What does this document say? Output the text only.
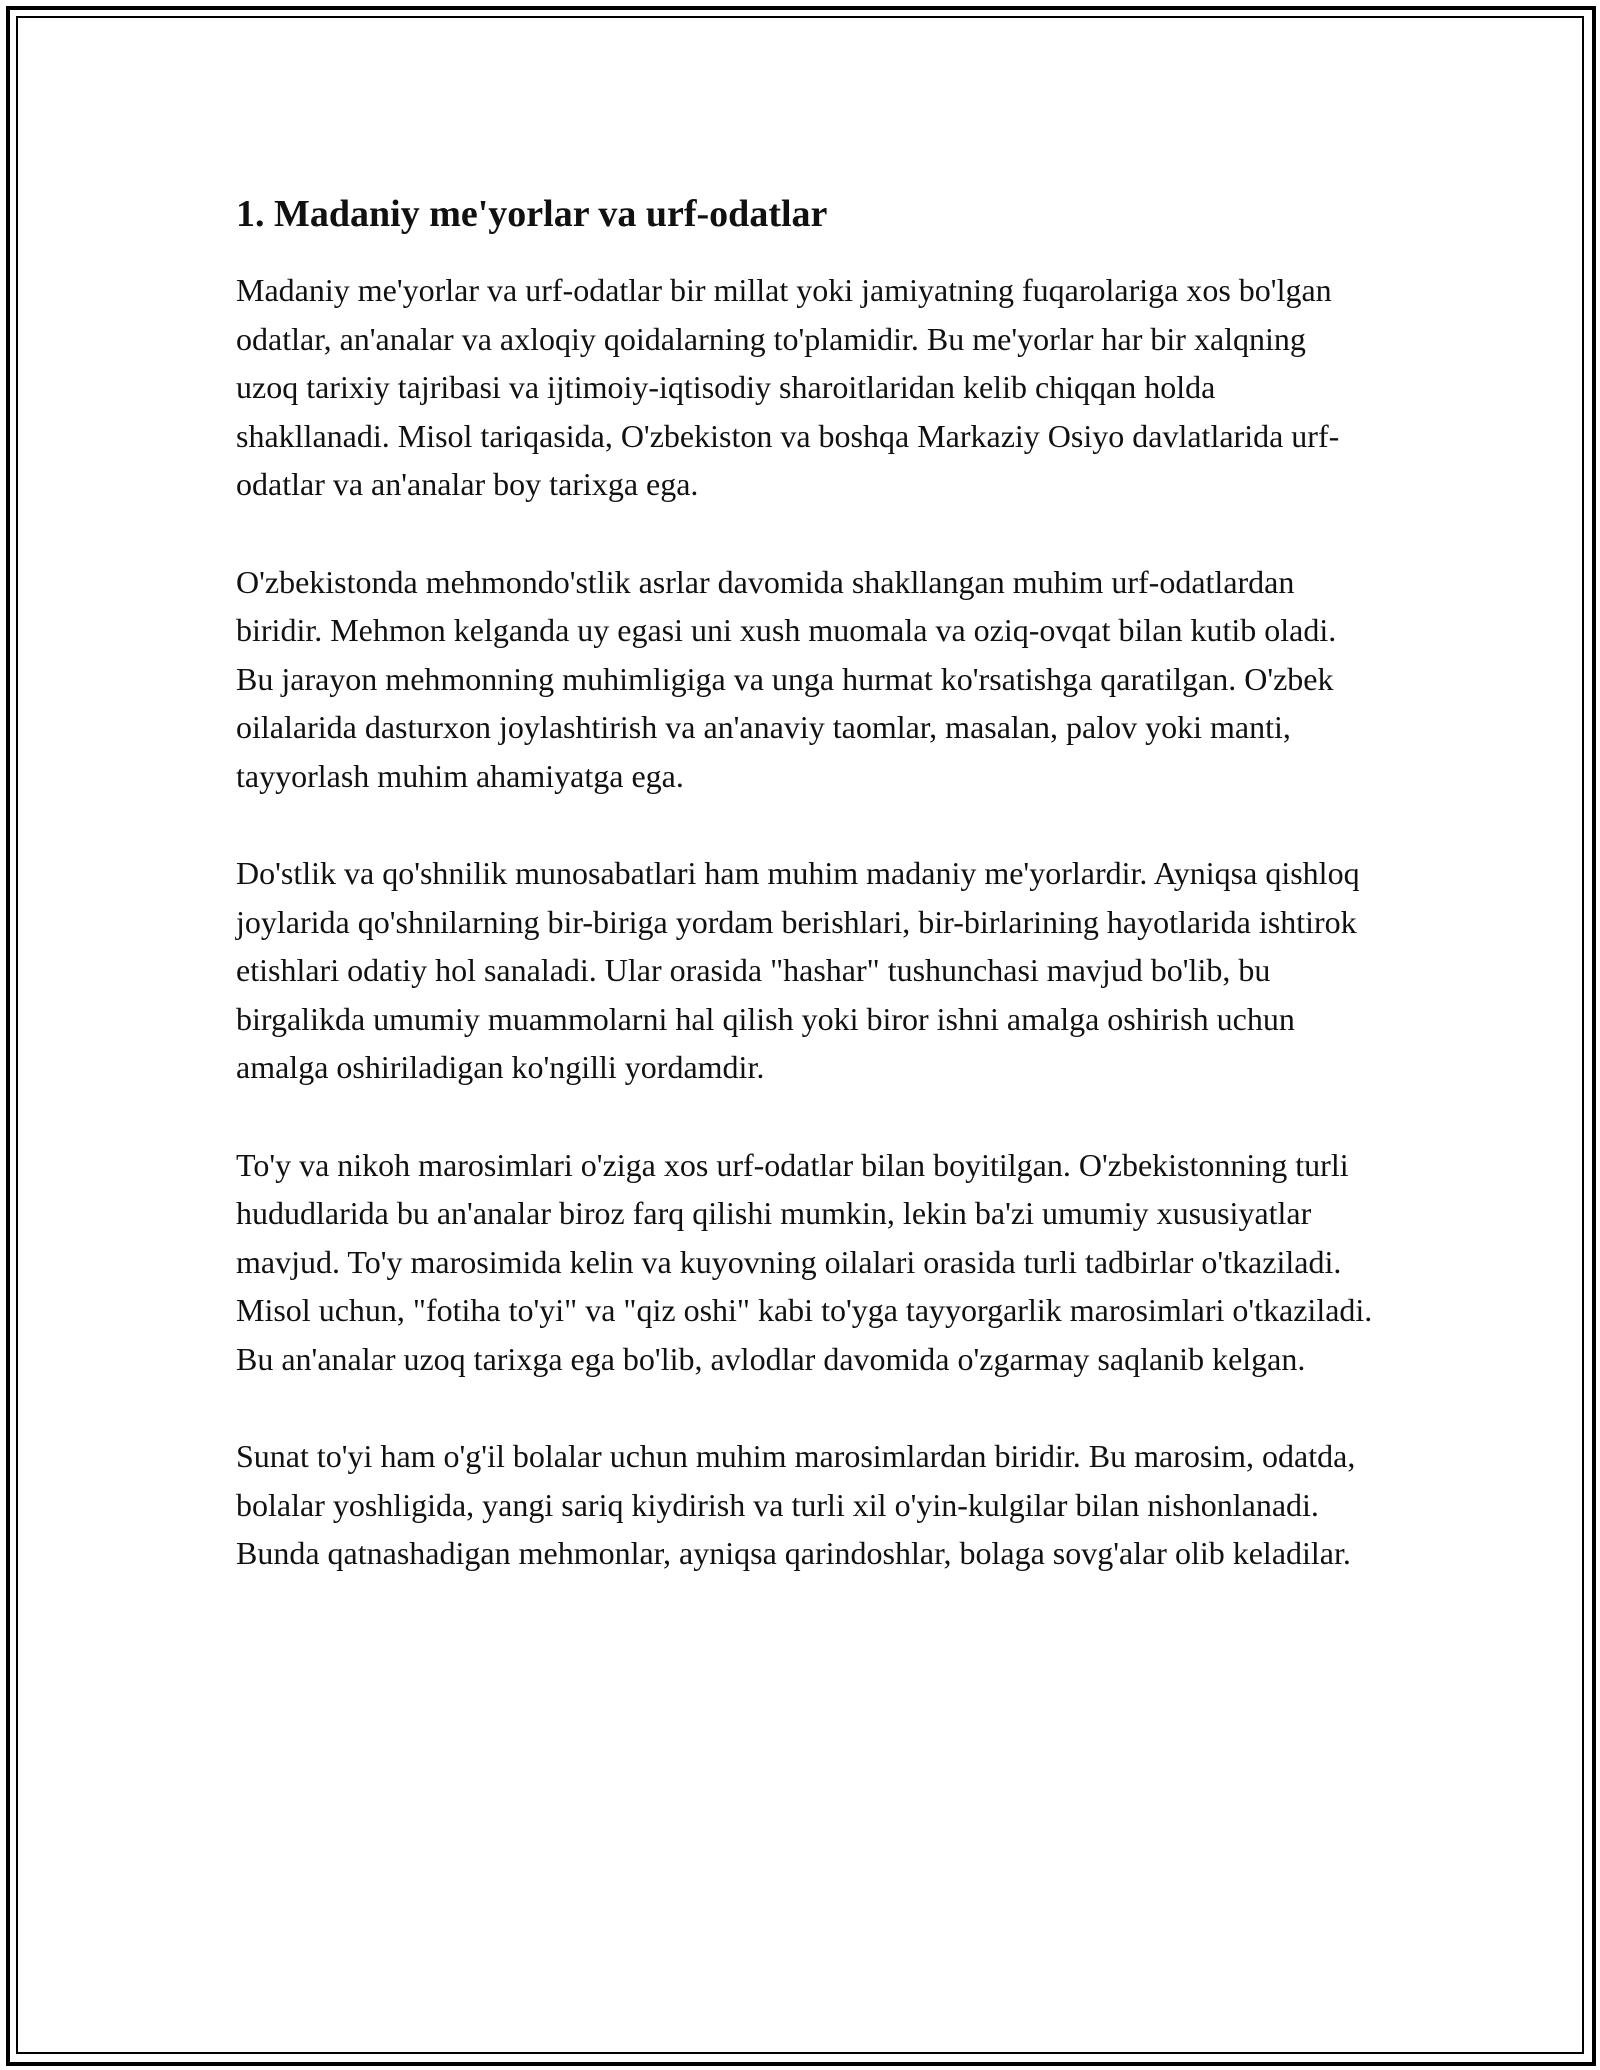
1. Madaniy me'yorlar va urf-odatlar

Madaniy me'yorlar va urf-odatlar bir millat yoki jamiyatning fuqarolariga xos bo'lgan odatlar, an'analar va axloqiy qoidalarning to'plamidir. Bu me'yorlar har bir xalqning uzoq tarixiy tajribasi va ijtimoiy-iqtisodiy sharoitlaridan kelib chiqqan holda shakllanadi. Misol tariqasida, O'zbekiston va boshqa Markaziy Osiyo davlatlarida urf-odatlar va an'analar boy tarixga ega.

O'zbekistonda mehmondo'stlik asrlar davomida shakllangan muhim urf-odatlardan biridir. Mehmon kelganda uy egasi uni xush muomala va oziq-ovqat bilan kutib oladi. Bu jarayon mehmonning muhimligiga va unga hurmat ko'rsatishga qaratilgan. O'zbek oilalarida dasturxon joylashtirish va an'anaviy taomlar, masalan, palov yoki manti, tayyorlash muhim ahamiyatga ega.

Do'stlik va qo'shnilik munosabatlari ham muhim madaniy me'yorlardir. Ayniqsa qishloq joylarida qo'shnilarning bir-biriga yordam berishlari, bir-birlarining hayotlarida ishtirok etishlari odatiy hol sanaladi. Ular orasida "hashar" tushunchasi mavjud bo'lib, bu birgalikda umumiy muammolarni hal qilish yoki biror ishni amalga oshirish uchun amalga oshiriladigan ko'ngilli yordamdir.

To'y va nikoh marosimlari o'ziga xos urf-odatlar bilan boyitilgan. O'zbekistonning turli hududlarida bu an'analar biroz farq qilishi mumkin, lekin ba'zi umumiy xususiyatlar mavjud. To'y marosimida kelin va kuyovning oilalari orasida turli tadbirlar o'tkaziladi. Misol uchun, "fotiha to'yi" va "qiz oshi" kabi to'yga tayyorgarlik marosimlari o'tkaziladi. Bu an'analar uzoq tarixga ega bo'lib, avlodlar davomida o'zgarmay saqlanib kelgan.

Sunat to'yi ham o'g'il bolalar uchun muhim marosimlardan biridir. Bu marosim, odatda, bolalar yoshligida, yangi sariq kiydirish va turli xil o'yin-kulgilar bilan nishonlanadi. Bunda qatnashadigan mehmonlar, ayniqsa qarindoshlar, bolaga sovg'alar olib keladilar.
